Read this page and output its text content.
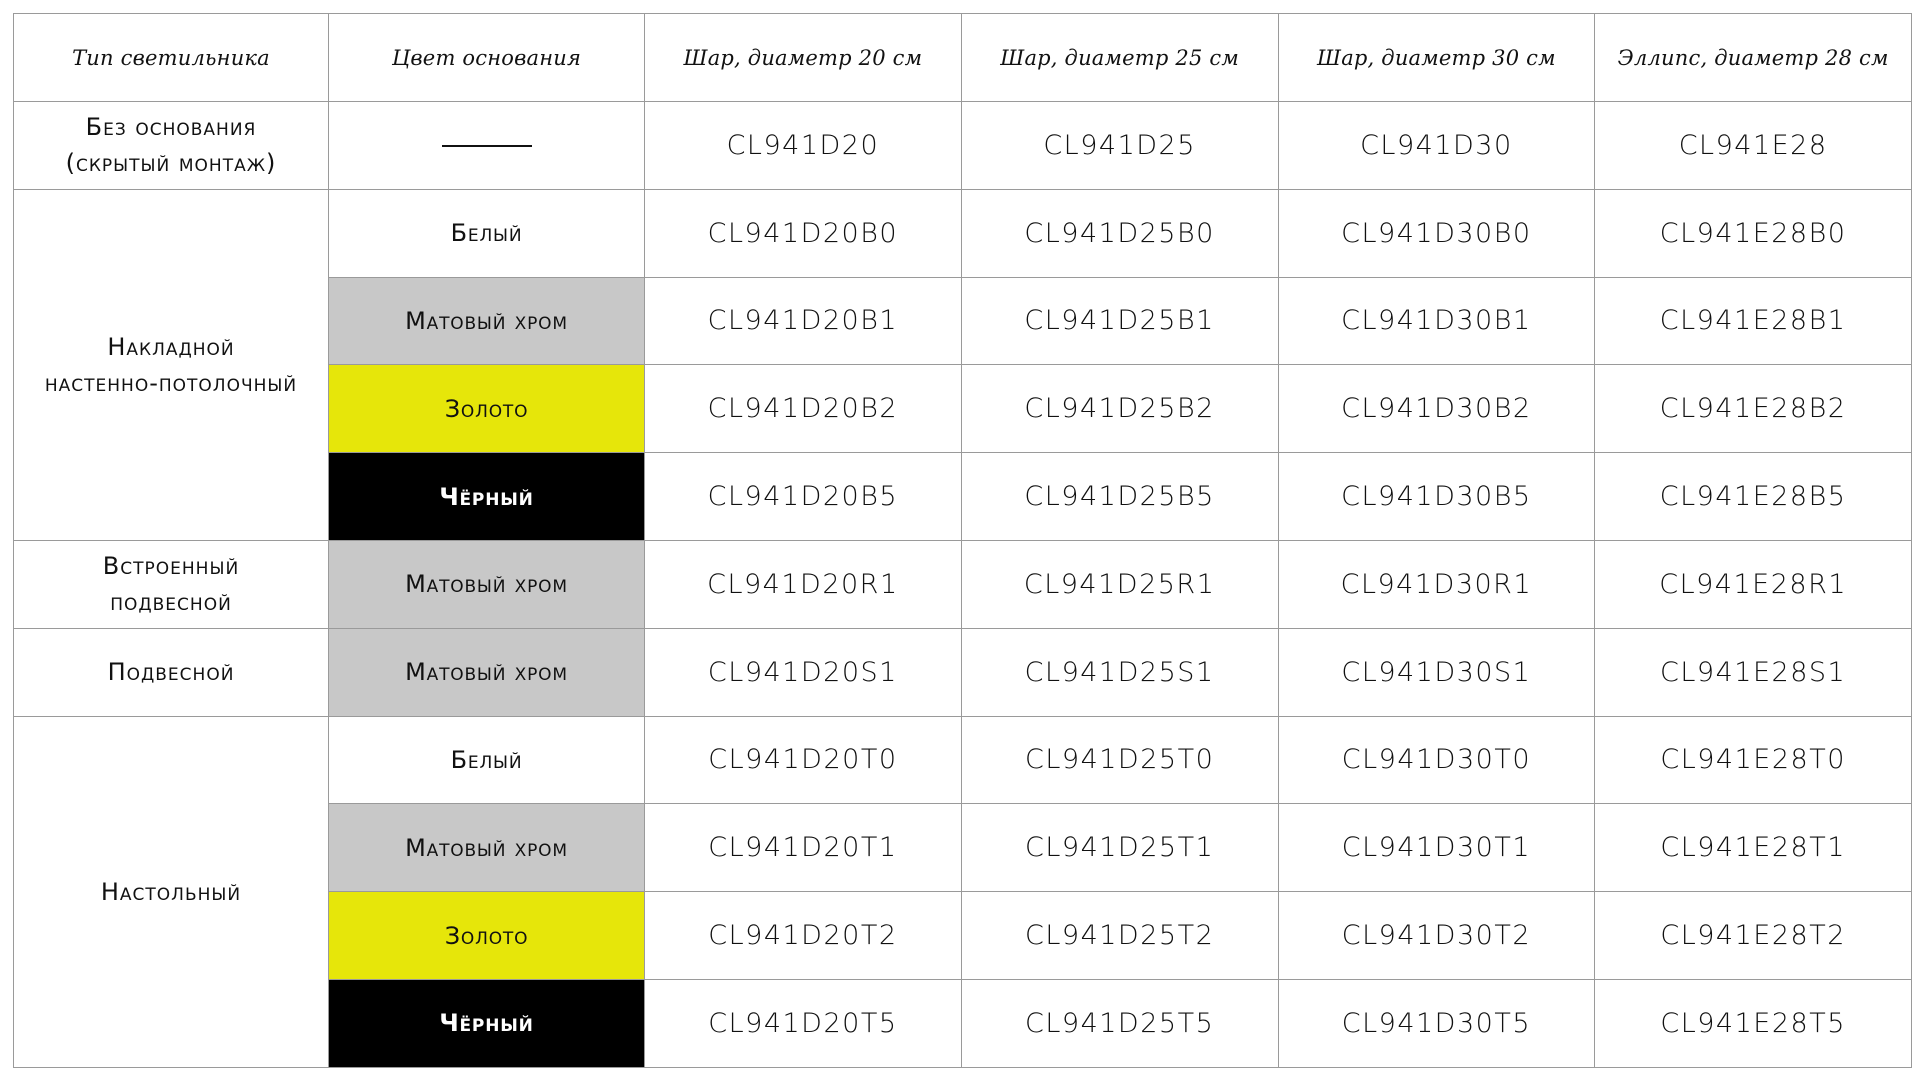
Тип светильника	Цвет основания	Шар, диаметр 20 см	Шар, диаметр 25 см	Шар, диаметр 30 см	Эллипс, диаметр 28 см

Без основания
(скрытый монтаж)		CL941D20	CL941D25	CL941D30	CL941E28

Накладной
настенно-потолочный	Белый	CL941D20B0	CL941D25B0	CL941D30B0	CL941E28B0
	Матовый хром	CL941D20B1	CL941D25B1	CL941D30B1	CL941E28B1
	Золото	CL941D20B2	CL941D25B2	CL941D30B2	CL941E28B2
	Чёрный	CL941D20B5	CL941D25B5	CL941D30B5	CL941E28B5

Встроенный
подвесной	Матовый хром	CL941D20R1	CL941D25R1	CL941D30R1	CL941E28R1

Подвесной	Матовый хром	CL941D20S1	CL941D25S1	CL941D30S1	CL941E28S1

Настольный	Белый	CL941D20T0	CL941D25T0	CL941D30T0	CL941E28T0
	Матовый хром	CL941D20T1	CL941D25T1	CL941D30T1	CL941E28T1
	Золото	CL941D20T2	CL941D25T2	CL941D30T2	CL941E28T2
	Чёрный	CL941D20T5	CL941D25T5	CL941D30T5	CL941E28T5
